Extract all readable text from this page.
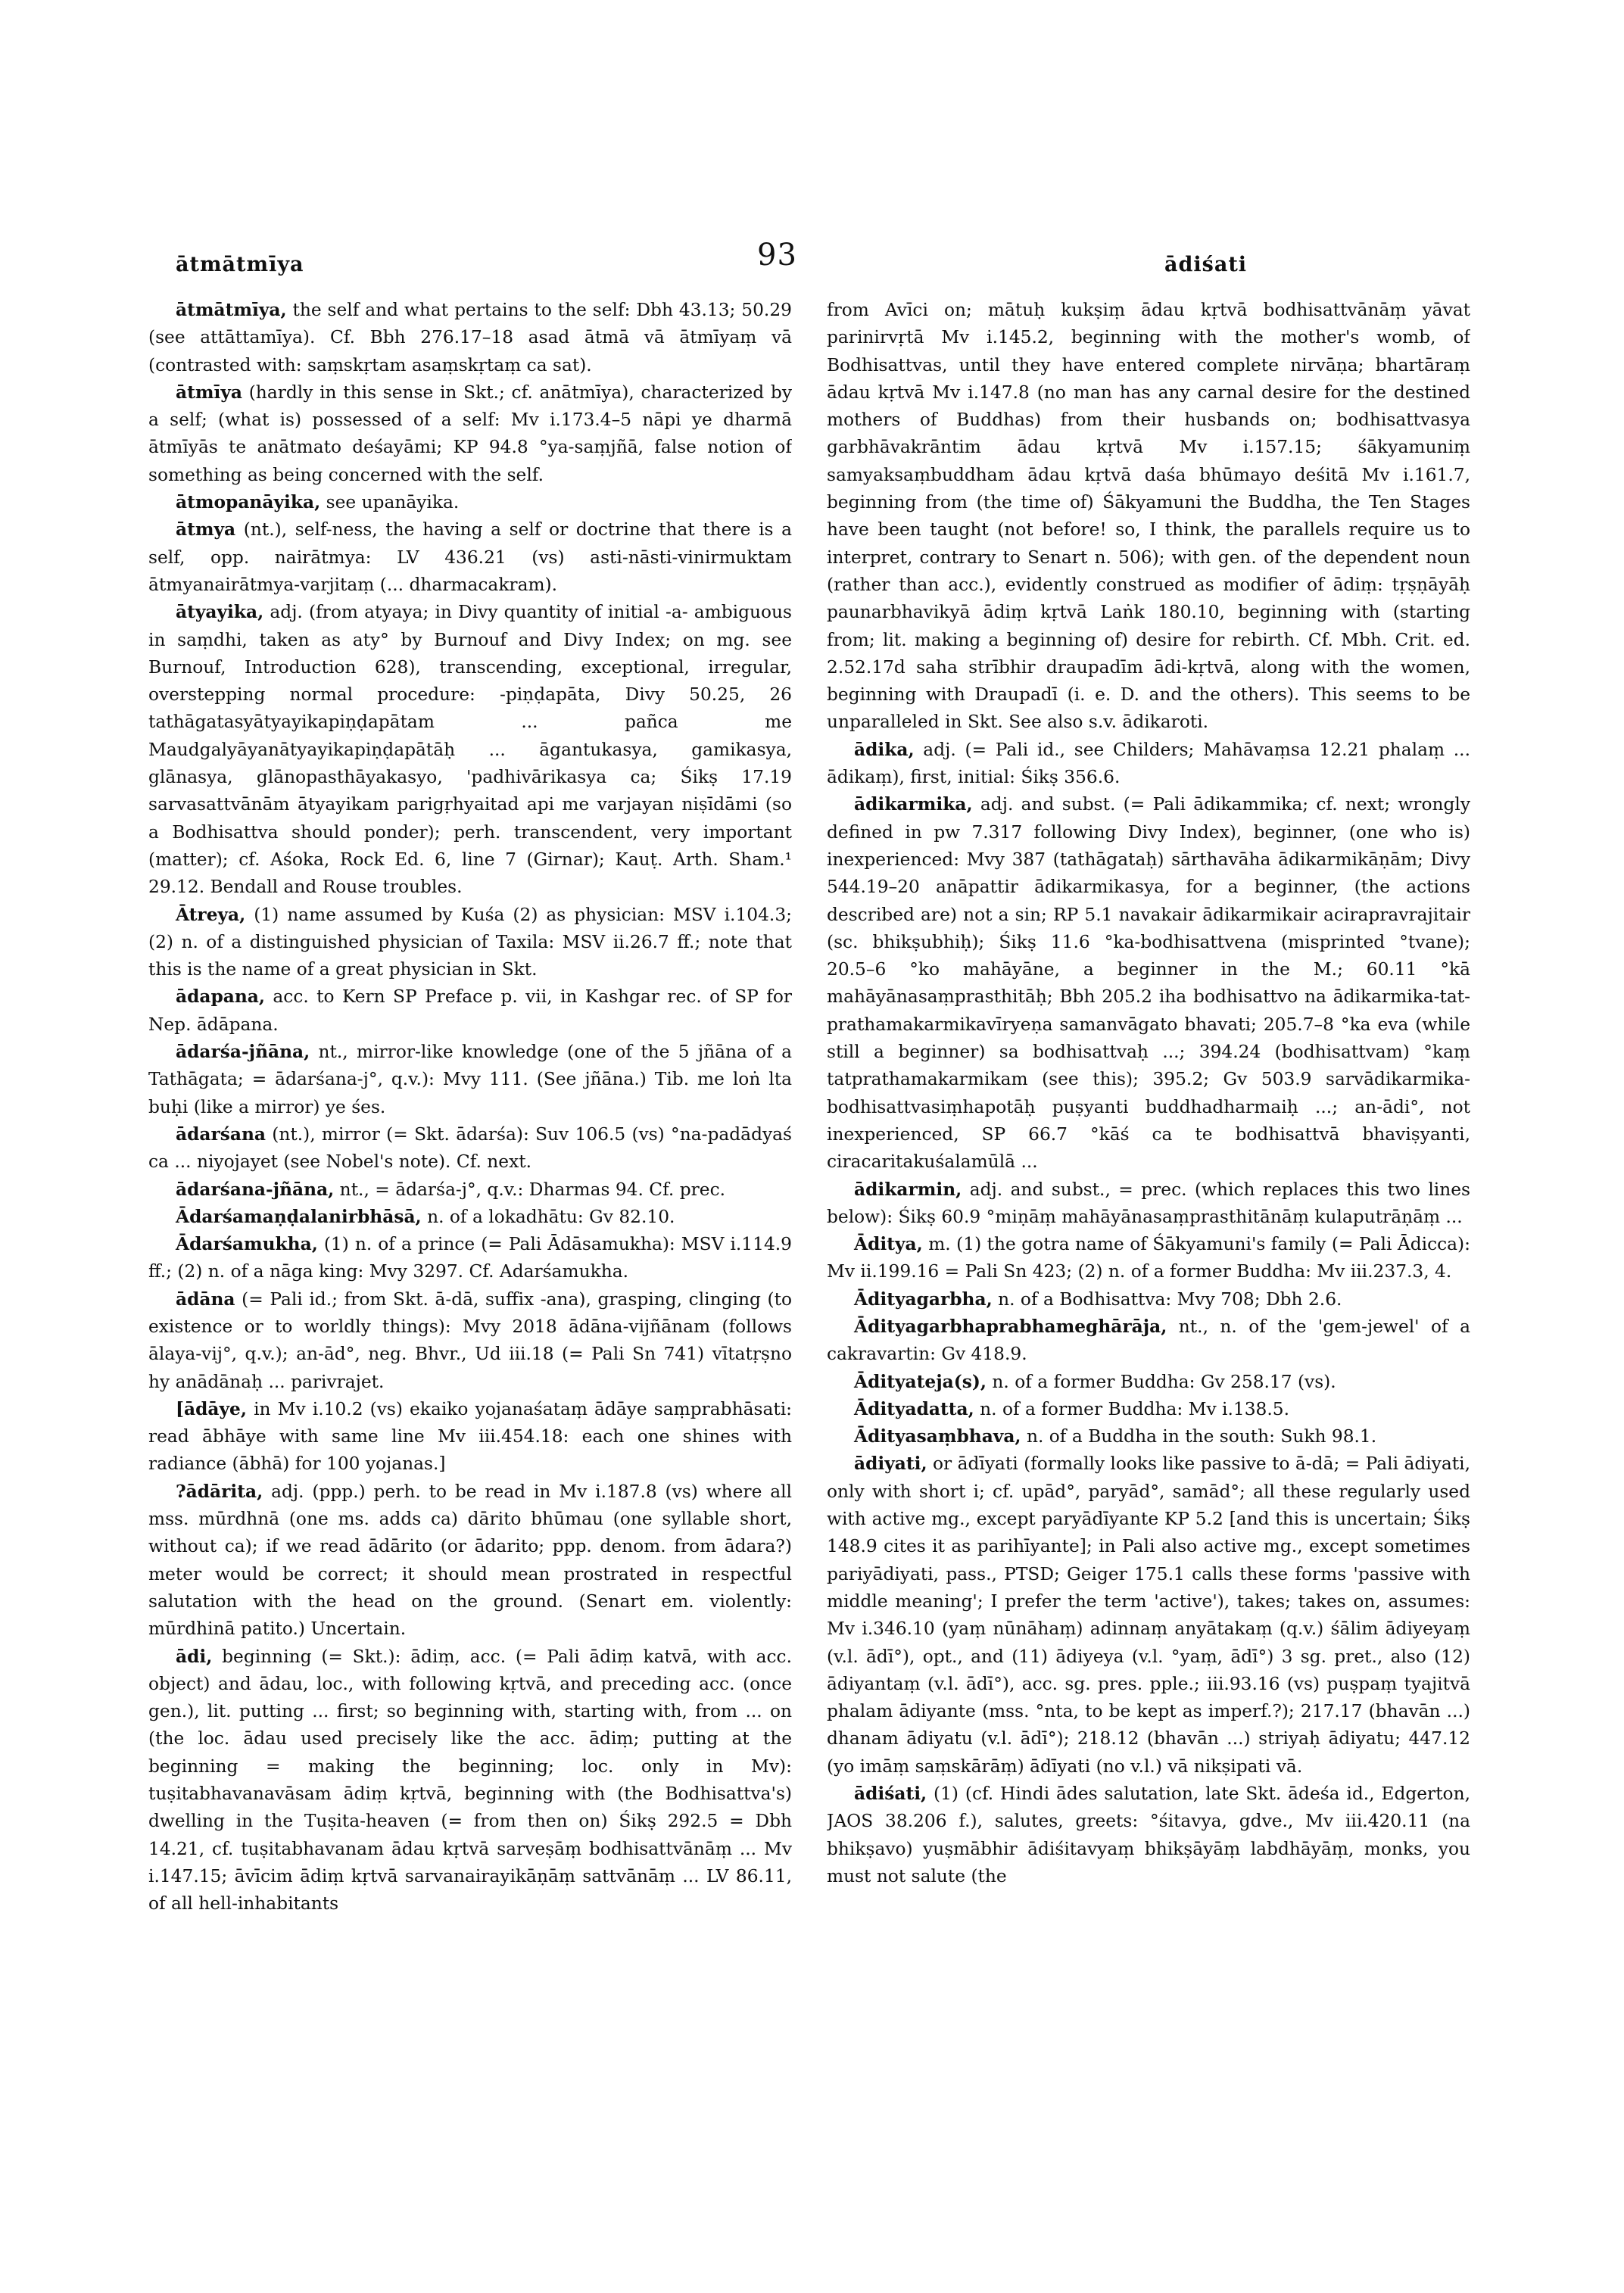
ātmātmīya	93	ādiśati

ātmātmīya, the self and what pertains to the self: Dbh 43.13; 50.29 (see attāttamīya). Cf. Bbh 276.17–18 asad ātmā vā ātmīyaṃ vā (contrasted with: saṃskṛtam asaṃskṛtaṃ ca sat).

ātmīya (hardly in this sense in Skt.; cf. anātmīya), characterized by a self; (what is) possessed of a self: Mv i.173.4–5 nāpi ye dharmā ātmīyās te anātmato deśayāmi; KP 94.8 °ya-saṃjñā, false notion of something as being concerned with the self.

ātmopanāyika, see upanāyika.

ātmya (nt.), self-ness, the having a self or doctrine that there is a self, opp. nairātmya: LV 436.21 (vs) asti-nāsti-vinirmuktam ātmyanairātmya-varjitaṃ (... dharmacakram).

ātyayika, adj. (from atyaya; in Divy quantity of initial -a- ambiguous in saṃdhi, taken as aty° by Burnouf and Divy Index; on mg. see Burnouf, Introduction 628), transcending, exceptional, irregular, overstepping normal procedure: -piṇḍapāta, Divy 50.25, 26 tathāgatasyātyayikapiṇḍapātam ... pañca me Maudgalyāyanātyayikapiṇḍapātāḥ ... āgantukasya, gamikasya, glānasya, glānopasthāyakasyo, 'padhivārikasya ca; Śikṣ 17.19 sarvasattvānām ātyayikam parigṛhyaitad api me varjayan niṣīdāmi (so a Bodhisattva should ponder); perh. transcendent, very important (matter); cf. Aśoka, Rock Ed. 6, line 7 (Girnar); Kauṭ. Arth. Sham.¹ 29.12. Bendall and Rouse troubles.

Ātreya, (1) name assumed by Kuśa (2) as physician: MSV i.104.3; (2) n. of a distinguished physician of Taxila: MSV ii.26.7 ff.; note that this is the name of a great physician in Skt.

ādapana, acc. to Kern SP Preface p. vii, in Kashgar rec. of SP for Nep. ādāpana.

ādarśa-jñāna, nt., mirror-like knowledge (one of the 5 jñāna of a Tathāgata; = ādarśana-j°, q.v.): Mvy 111. (See jñāna.) Tib. me loṅ lta buḥi (like a mirror) ye śes.

ādarśana (nt.), mirror (= Skt. ādarśa): Suv 106.5 (vs) °na-padādyaś ca ... niyojayet (see Nobel's note). Cf. next.

ādarśana-jñāna, nt., = ādarśa-j°, q.v.: Dharmas 94. Cf. prec.

Ādarśamaṇḍalanirbhāsā, n. of a lokadhātu: Gv 82.10.

Ādarśamukha, (1) n. of a prince (= Pali Ādāsamukha): MSV i.114.9 ff.; (2) n. of a nāga king: Mvy 3297. Cf. Adarśamukha.

ādāna (= Pali id.; from Skt. ā-dā, suffix -ana), grasping, clinging (to existence or to worldly things): Mvy 2018 ādāna-vijñānam (follows ālaya-vij°, q.v.); an-ād°, neg. Bhvr., Ud iii.18 (= Pali Sn 741) vītatṛṣno hy anādānaḥ ... parivrajet.

[ādāye, in Mv i.10.2 (vs) ekaiko yojanaśataṃ ādāye saṃprabhāsati: read ābhāye with same line Mv iii.454.18: each one shines with radiance (ābhā) for 100 yojanas.]

?ādārita, adj. (ppp.) perh. to be read in Mv i.187.8 (vs) where all mss. mūrdhnā (one ms. adds ca) dārito bhūmau (one syllable short, without ca); if we read ādārito (or ādarito; ppp. denom. from ādara?) meter would be correct; it should mean prostrated in respectful salutation with the head on the ground. (Senart em. violently: mūrdhinā patito.) Uncertain.

ādi, beginning (= Skt.): ādiṃ, acc. (= Pali ādiṃ katvā, with acc. object) and ādau, loc., with following kṛtvā, and preceding acc. (once gen.), lit. putting ... first; so beginning with, starting with, from ... on (the loc. ādau used precisely like the acc. ādiṃ; putting at the beginning = making the beginning; loc. only in Mv): tuṣitabhavanavāsam ādiṃ kṛtvā, beginning with (the Bodhisattva's) dwelling in the Tuṣita-heaven (= from then on) Śikṣ 292.5 = Dbh 14.21, cf. tuṣitabhavanam ādau kṛtvā sarveṣāṃ bodhisattvānāṃ ... Mv i.147.15; āvīcim ādiṃ kṛtvā sarvanairayikāṇāṃ sattvānāṃ ... LV 86.11, of all hell-inhabitants

from Avīci on; mātuḥ kukṣiṃ ādau kṛtvā bodhisattvānāṃ yāvat parinirvṛtā Mv i.145.2, beginning with the mother's womb, of Bodhisattvas, until they have entered complete nirvāṇa; bhartāraṃ ādau kṛtvā Mv i.147.8 (no man has any carnal desire for the destined mothers of Buddhas) from their husbands on; bodhisattvasya garbhāvakrāntim ādau kṛtvā Mv i.157.15; śākyamuniṃ samyaksaṃbuddham ādau kṛtvā daśa bhūmayo deśitā Mv i.161.7, beginning from (the time of) Śākyamuni the Buddha, the Ten Stages have been taught (not before! so, I think, the parallels require us to interpret, contrary to Senart n. 506); with gen. of the dependent noun (rather than acc.), evidently construed as modifier of ādiṃ: tṛṣṇāyāḥ paunarbhavikyā ādiṃ kṛtvā Laṅk 180.10, beginning with (starting from; lit. making a beginning of) desire for rebirth. Cf. Mbh. Crit. ed. 2.52.17d saha strībhir draupadīm ādi-kṛtvā, along with the women, beginning with Draupadī (i. e. D. and the others). This seems to be unparalleled in Skt. See also s.v. ādikaroti.

ādika, adj. (= Pali id., see Childers; Mahāvaṃsa 12.21 phalaṃ ... ādikaṃ), first, initial: Śikṣ 356.6.

ādikarmika, adj. and subst. (= Pali ādikammika; cf. next; wrongly defined in pw 7.317 following Divy Index), beginner, (one who is) inexperienced: Mvy 387 (tathāgataḥ) sārthavāha ādikarmikāṇām; Divy 544.19–20 anāpattir ādikarmikasya, for a beginner, (the actions described are) not a sin; RP 5.1 navakair ādikarmikair acirapravrajitair (sc. bhikṣubhiḥ); Śikṣ 11.6 °ka-bodhisattvena (misprinted °tvane); 20.5–6 °ko mahāyāne, a beginner in the M.; 60.11 °kā mahāyānasaṃprasthitāḥ; Bbh 205.2 iha bodhisattvo na ādikarmika-tat-prathamakarmikavīryeṇa samanvāgato bhavati; 205.7–8 °ka eva (while still a beginner) sa bodhisattvaḥ ...; 394.24 (bodhisattvam) °kaṃ tatprathamakarmikam (see this); 395.2; Gv 503.9 sarvādikarmika-bodhisattvasiṃhapotāḥ puṣyanti buddhadharmaiḥ ...; an-ādi°, not inexperienced, SP 66.7 °kāś ca te bodhisattvā bhaviṣyanti, ciracaritakuśalamūlā ...

ādikarmin, adj. and subst., = prec. (which replaces this two lines below): Śikṣ 60.9 °miṇāṃ mahāyānasaṃprasthitānāṃ kulaputrāṇāṃ ...

Āditya, m. (1) the gotra name of Śākyamuni's family (= Pali Ādicca): Mv ii.199.16 = Pali Sn 423; (2) n. of a former Buddha: Mv iii.237.3, 4.

Ādityagarbha, n. of a Bodhisattva: Mvy 708; Dbh 2.6.

Ādityagarbhaprabhameghārāja, nt., n. of the 'gem-jewel' of a cakravartin: Gv 418.9.

Ādityateja(s), n. of a former Buddha: Gv 258.17 (vs).

Ādityadatta, n. of a former Buddha: Mv i.138.5.

Ādityasaṃbhava, n. of a Buddha in the south: Sukh 98.1.

ādiyati, or ādīyati (formally looks like passive to ā-dā; = Pali ādiyati, only with short i; cf. upād°, paryād°, samād°; all these regularly used with active mg., except paryādīyante KP 5.2 [and this is uncertain; Śikṣ 148.9 cites it as parihīyante]; in Pali also active mg., except sometimes pariyādiyati, pass., PTSD; Geiger 175.1 calls these forms 'passive with middle meaning'; I prefer the term 'active'), takes; takes on, assumes: Mv i.346.10 (yaṃ nūnāhaṃ) adinnaṃ anyātakaṃ (q.v.) śālim ādiyeyaṃ (v.l. ādī°), opt., and (11) ādiyeya (v.l. °yaṃ, ādī°) 3 sg. pret., also (12) ādiyantaṃ (v.l. ādī°), acc. sg. pres. pple.; iii.93.16 (vs) puṣpaṃ tyajitvā phalam ādiyante (mss. °nta, to be kept as imperf.?); 217.17 (bhavān ...) dhanam ādiyatu (v.l. ādī°); 218.12 (bhavān ...) striyaḥ ādiyatu; 447.12 (yo imāṃ saṃskārāṃ) ādīyati (no v.l.) vā nikṣipati vā.

ādiśati, (1) (cf. Hindi ādes salutation, late Skt. ādeśa id., Edgerton, JAOS 38.206 f.), salutes, greets: °śitavya, gdve., Mv iii.420.11 (na bhikṣavo) yuṣmābhir ādiśitavyaṃ bhikṣāyāṃ labdhāyāṃ, monks, you must not salute (the
